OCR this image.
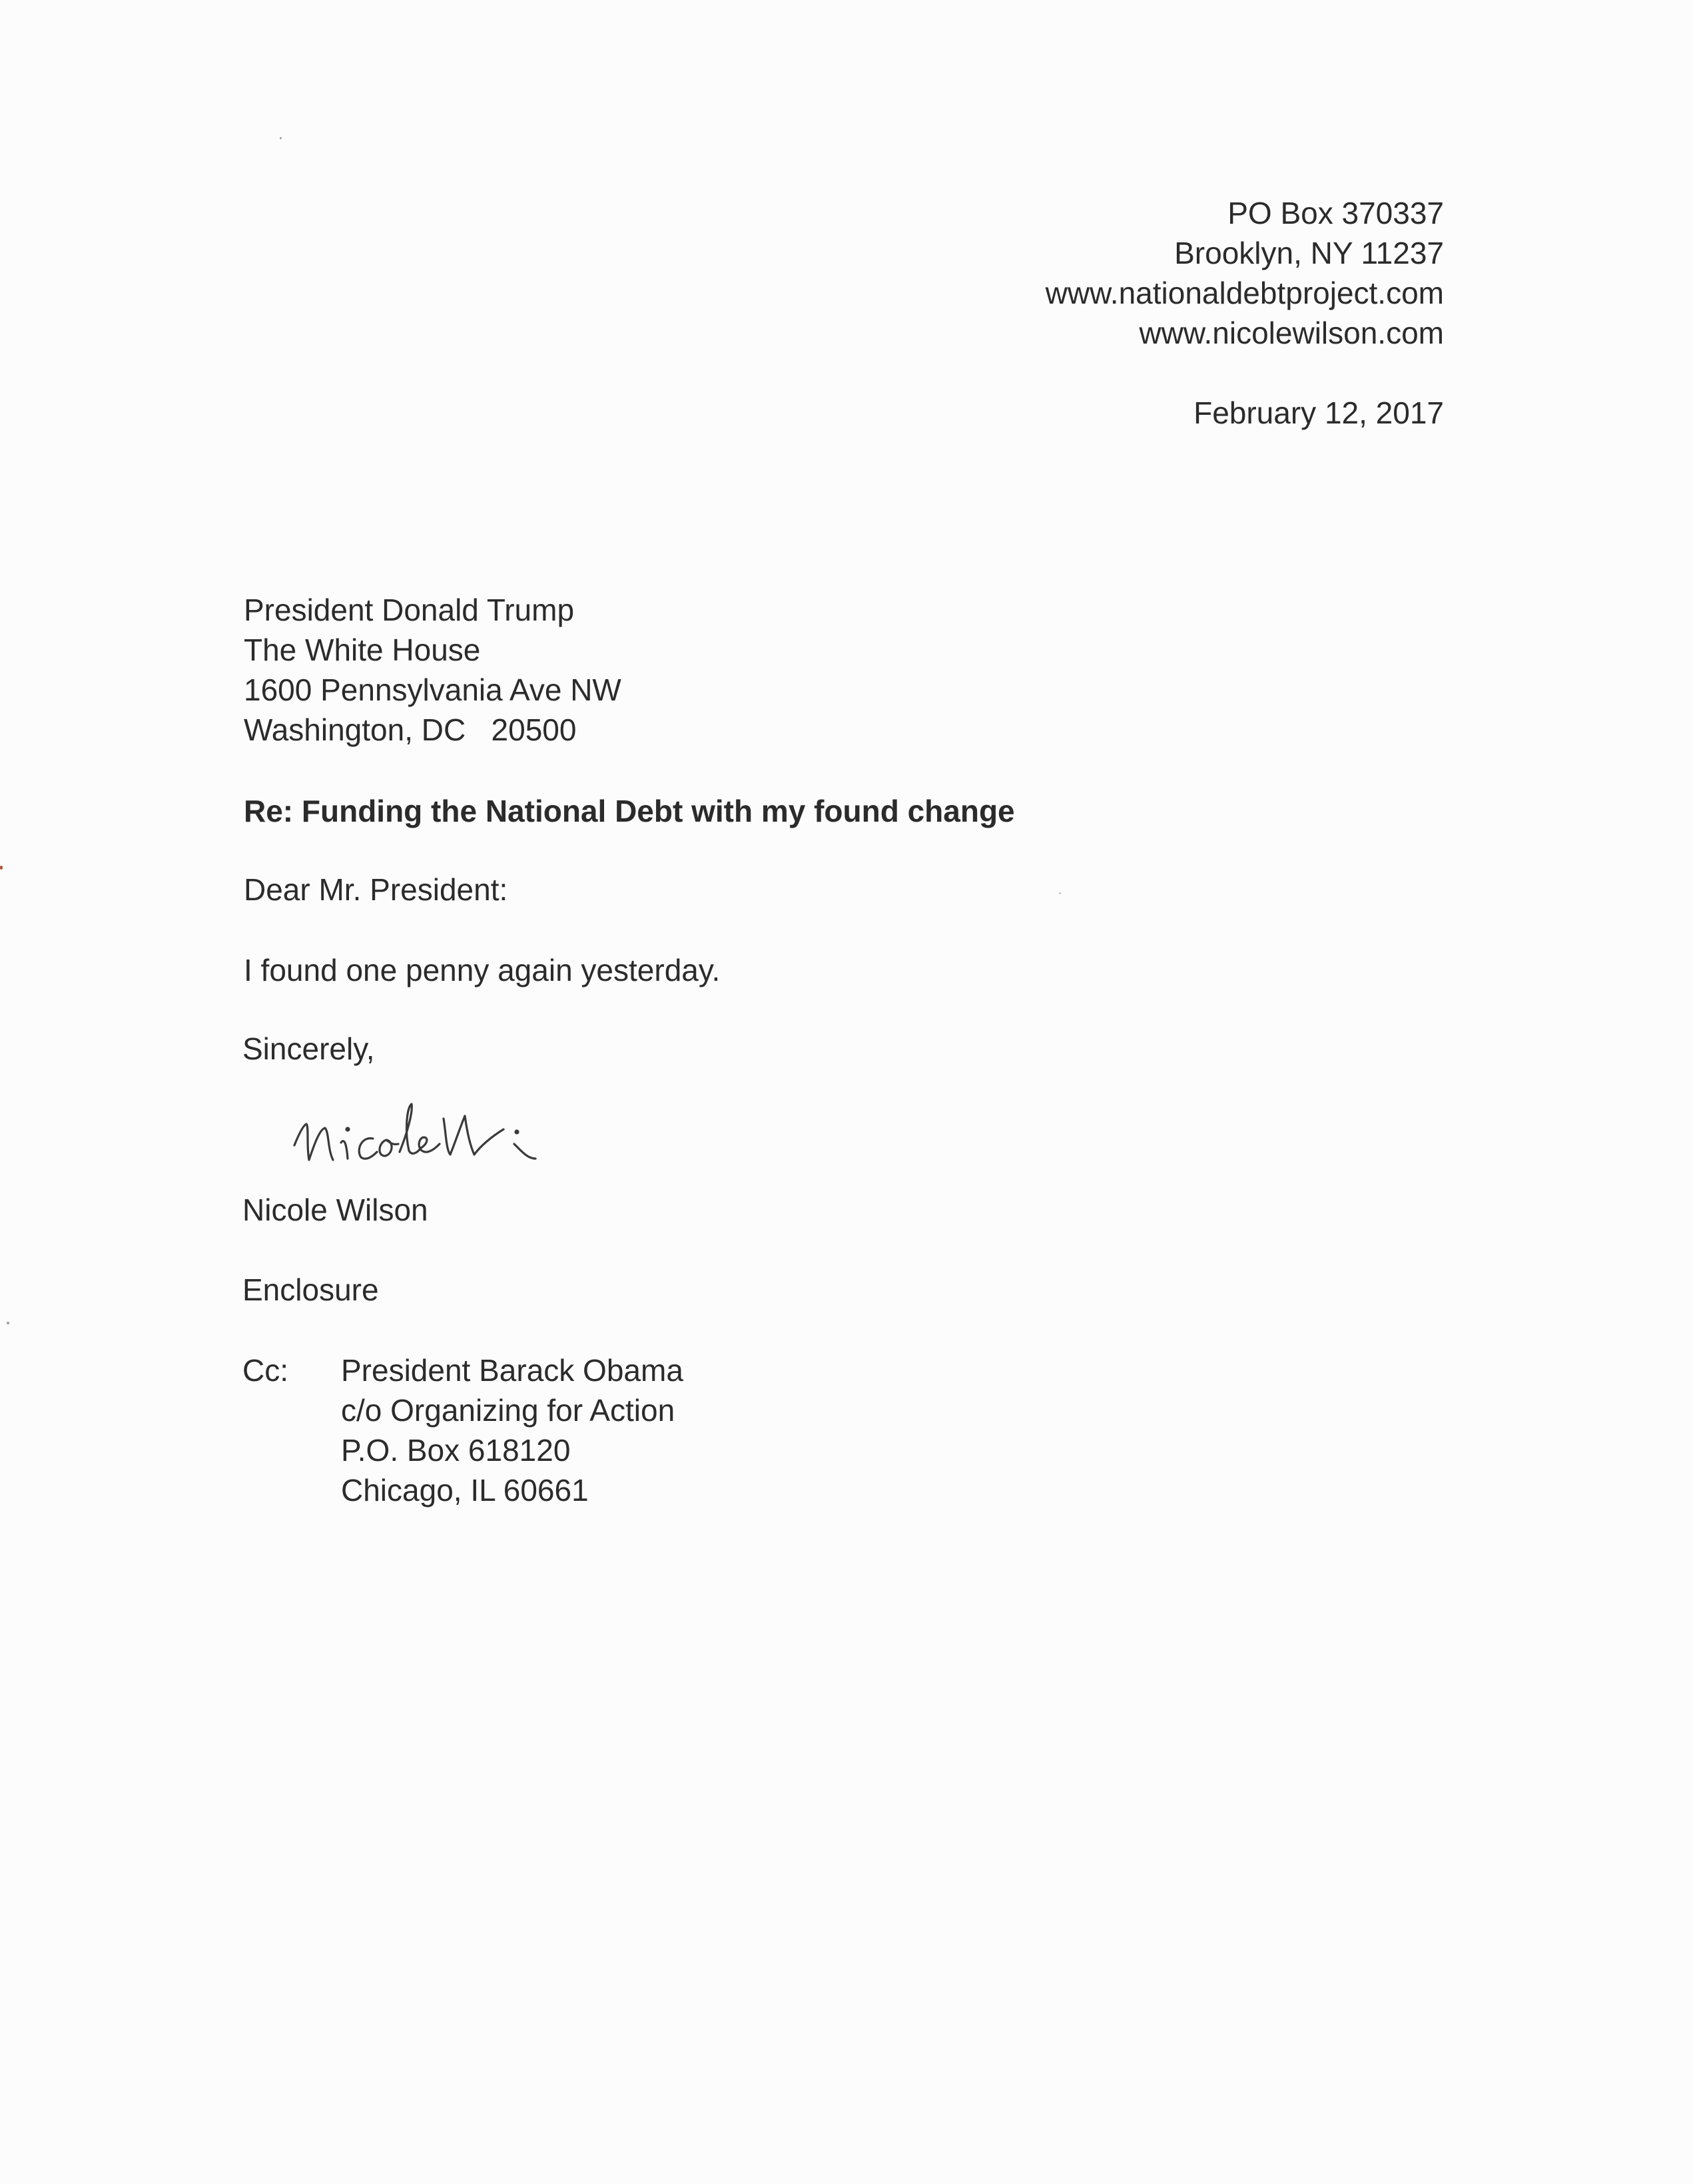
PO Box 370337
Brooklyn, NY 11237
www.nationaldebtproject.com
www.nicolewilson.com
February 12, 2017
President Donald Trump
The White House
1600 Pennsylvania Ave NW
Washington, DC   20500
Re: Funding the National Debt with my found change
Dear Mr. President:
I found one penny again yesterday.
Sincerely,
Nicole Wilson
Enclosure
Cc: President Barack Obama
c/o Organizing for Action
P.O. Box 618120
Chicago, IL 60661
